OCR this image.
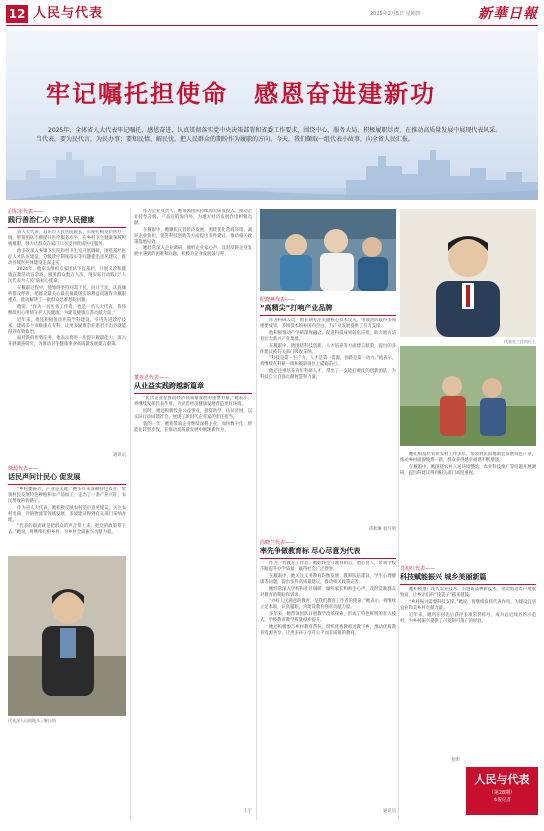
12 人民与代表	2025年2月5日 星期四	新華日報
牢记嘱托担使命　感恩奋进建新功
2025年，全体省人大代表牢记嘱托，感恩奋进，认真贯彻落实党中央决策部署和省委工作要求，围绕中心、服务大局，积极履职尽责，在推动高质量发展中展现代表风采。当代表，要为民代言，为民办事；要知民情、解民忧，把人民群众的期盼作为履职的方向。今天，我们撷取一组代表小故事，向全省人民汇报。
启东市代表——
践行善治仁心 守护人民健康

省人大代表，启东市人民医院院长，长期扎根基层医疗一线，带领团队不断提升医疗服务水平，在乡村卫生健康领域积极履职，努力让群众在家门口享受到优质医疗服务。

他多次深入乡镇卫生院和村卫生室开展调研，围绕基层医疗人才队伍建设、分级诊疗制度落实等问题提出意见建议，推动县域医共体建设走深走实。

2024年，他牵头组织专家团队下沉基层，开展义诊和健康宣教活动百余场，服务群众数万人次，用实际行动践行“人民代表为人民”的初心使命。

在履职过程中，他始终坚持问需于民、问计于民，认真倾听群众呼声，把群众最关心最直接最现实的利益问题作为履职重点，推动解决了一批群众急难愁盼问题。

他说：“作为一名医务工作者，也是一名人大代表，我将继续用心用情守护人民健康，为建设健康江苏贡献力量。”

近年来，他还积极推动医院学科建设，引进先进诊疗技术，建成多个市级重点专科，让更多疑难杂症患者不出县就能得到有效救治。

面对新的形势任务，他表示将进一步提升履职能力，深入开展调查研究，为推动卫生健康事业高质量发展建言献策。

通讯员
徐源代表——
话民声问计民心 促发展

“乡村要振兴，产业是关键。”她多年来深耕特色农业，带领村民发展特色种植和农产品加工，走出了一条产业兴旺、农民增收的新路子。

作为省人大代表，她积极反映农村基层意见建议，关注农村电商、冷链物流等领域发展，多项建议得到有关部门采纳办理。

“代表的职责就是把群众的声音带上来，把党的政策带下去。”她说，将继续扎根乡村，为乡村全面振兴贡献力量。

代表深入田间地头了解民情

作为企业负责人，她带领团队持续加大研发投入，推动企业转型升级，产品远销海内外，为地方经济发展作出积极贡献。

在履职中，她聚焦民营经济发展，围绕优化营商环境、减轻企业负担、促进科技创新等方面提出多件建议，推动相关政策落地见效。

她经常深入企业调研，倾听企业家心声，及时反映企业发展中遇到的困难和问题，积极为企业发展鼓与呼。

董亚君代表——
从业益实践跨越新篇章

“民营企业是推动经济高质量发展的重要力量。”她表示，将继续发挥代表作用，为民营经济健康发展营造更好环境。

同时，她还积极投身公益事业，捐资助学、扶贫济困，以实际行动回馈社会，展现了新时代企业家的责任担当。

新的一年，她将带领企业继续深耕主业，加快数字化、智能化转型步伐，在推动高质量发展中展现新作为。

王宇
代表在工作岗位上
纪晓燕代表——
“高精尖”打响产业品牌

作为科研人员，他长期专注关键核心技术攻关，带领团队取得多项重要成果，多项技术填补国内空白，为产业发展提供了有力支撑。

他积极推动产学研深度融合，促进科技成果转化应用，助力地方培育壮大新兴产业集群。

在履职中，他围绕科技创新、人才培养等方面建言献策，提出的多件建议被有关部门吸收采纳。

“科技是第一生产力，人才是第一资源，创新是第一动力。”他表示，将继续在科研一线和履职岗位上砥砺前行。

他还注重培养青年科研人才，带出了一支能打硬仗的创新团队，为科技自立自强贡献智慧和力量。

蒋秋琳 翁月明

她扎根基层农业农村工作多年，带领村民因地制宜发展特色产业，推动乡村面貌焕然一新，群众获得感幸福感不断增强。

在履职中，她围绕农村人居环境整治、农业科技推广等问题开展调研，提出的建议得到相关部门高度重视。

肖旭红代表——
科技赋能振兴 城乡美丽新篇

她积极推广现代农业技术，引进新品种新技术，带动周边农户增收致富，让乡亲们的“钱袋子”越来越鼓。

“乡村振兴需要科技支撑。”她说，将继续发挥代表作用，为建设宜居宜业和美乡村贡献力量。

近年来，她所在村先后获评多项荣誉称号，成为远近闻名的示范村，为乡村振兴提供了可复制可推广的经验。

倪昕
尚晓兰代表——
率先争做教育标 尽心尽意为代表

作为一名教育工作者，她始终坚守教育初心，潜心育人，带领学校不断提升办学质量，赢得社会广泛赞誉。

在履职中，她关注义务教育均衡发展、教师队伍建设、学生心理健康等问题，提出多件高质量建议，推动相关政策完善。

她经常深入学校和社区调研，倾听家长和师生心声，及时反映群众对教育的期盼和诉求。

“办好人民满意的教育，是我们教育工作者的使命。”她表示，将继续立足本职，认真履职，为建设教育强省贡献力量。

多年来，她带领团队开展教学改革探索，形成了特色鲜明的育人模式，学校教育教学质量稳步提升。

她还积极参与乡村教育帮扶，组织优秀教师送教下乡，推动优质教育资源共享，让更多孩子享有公平而有质量的教育。

通讯员
人民与代表
（第28期）
本报记者
